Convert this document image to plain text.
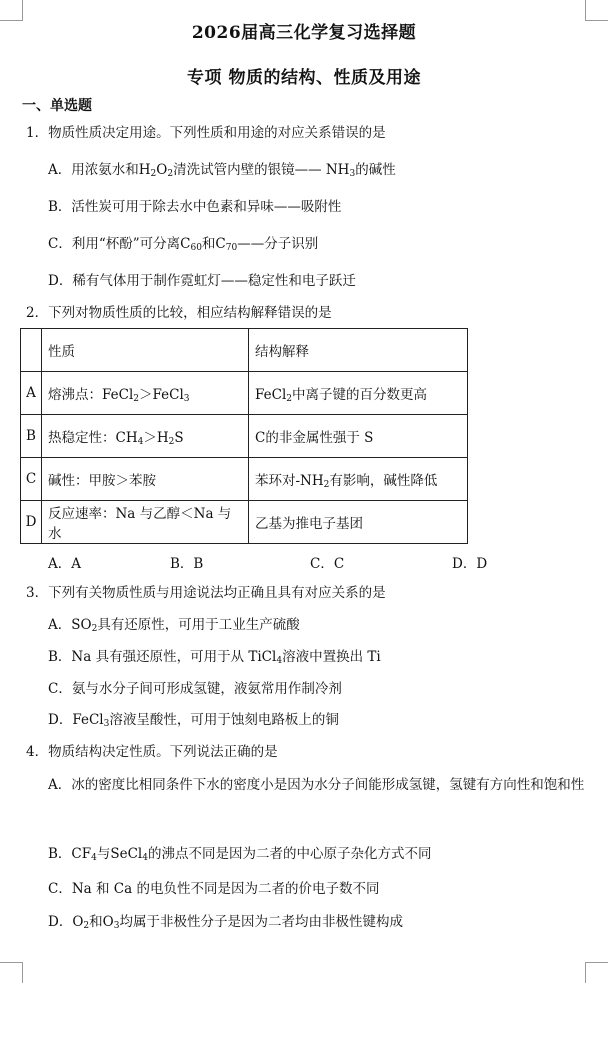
2026届高三化学复习选择题
专项 物质的结构、性质及用途
一、单选题
1．物质性质决定用途。下列性质和用途的对应关系错误的是
A．用浓氨水和$H_2O_2$清洗试管内壁的银镜—— $NH_3$的碱性
B．活性炭可用于除去水中色素和异味——吸附性
C．利用“杯酚”可分离$C_{60}$和$C_{70}——$分子识别
D．稀有气体用于制作霓虹灯——稳定性和电子跃迁
2．下列对物质性质的比较，相应结构解释错误的是
	性质	结构解释
A	熔沸点：FeCl$_2$＞FeCl$_3$	FeCl$_2$中离子键的百分数更高
B	热稳定性：$CH_4>H_2S$	C的非金属性强于 S
C	碱性：甲胺＞苯胺	苯环对$-NH_2$有影响，碱性降低
D	反应速率：Na 与乙醇＜Na 与水	乙基为推电子基团
A．A	B．B	C．C	D．D
3．下列有关物质性质与用途说法均正确且具有对应关系的是
A．$SO_2$具有还原性，可用于工业生产硫酸
B．Na 具有强还原性，可用于从 TiCl$_4$溶液中置换出 Ti
C．氨与水分子间可形成氢键，液氨常用作制冷剂
D．FeCl$_3$溶液呈酸性，可用于蚀刻电路板上的铜
4．物质结构决定性质。下列说法正确的是
A．冰的密度比相同条件下水的密度小是因为水分子间能形成氢键，氢键有方向性和饱和性
B．$CF_4$与SeCl$_4$的沸点不同是因为二者的中心原子杂化方式不同
C．Na 和 Ca 的电负性不同是因为二者的价电子数不同
D．$O_2$和$O_3$均属于非极性分子是因为二者均由非极性键构成
